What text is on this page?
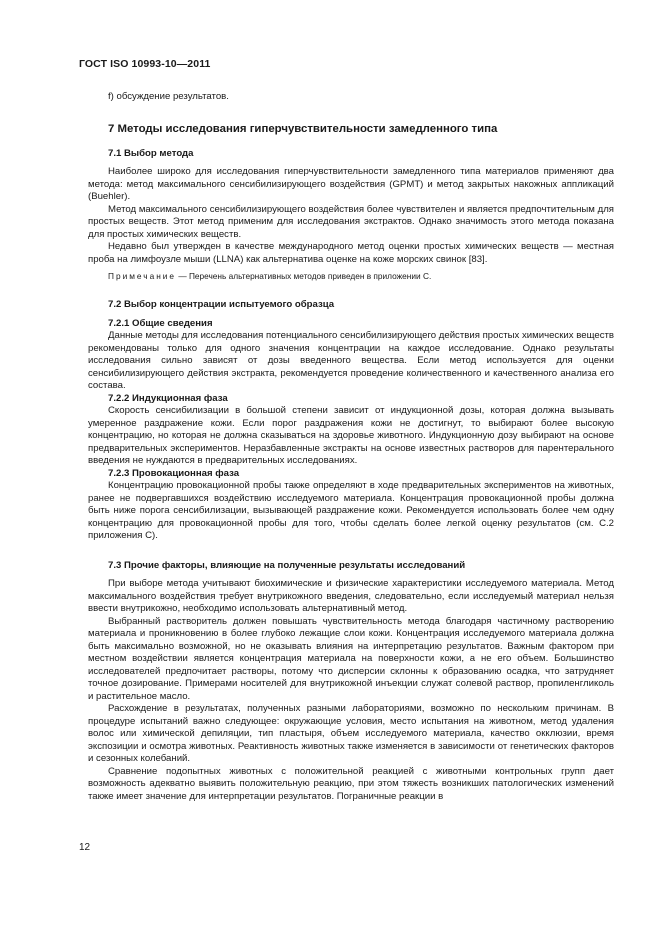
ГОСТ ISO 10993-10—2011

f) обсуждение результатов.

7 Методы исследования гиперчувствительности замедленного типа
7.1 Выбор метода

Наиболее широко для исследования гиперчувствительности замедленного типа материалов применяют два метода: метод максимального сенсибилизирующего воздействия (GPMT) и метод закрытых накожных аппликаций (Buehler).

Метод максимального сенсибилизирующего воздействия более чувствителен и является предпочтительным для простых веществ. Этот метод применим для исследования экстрактов. Однако значимость этого метода показана для простых химических веществ.

Недавно был утвержден в качестве международного метод оценки простых химических веществ — местная проба на лимфоузле мыши (LLNA) как альтернатива оценке на коже морских свинок [83].

Примечание — Перечень альтернативных методов приведен в приложении С.
7.2 Выбор концентрации испытуемого образца
7.2.1 Общие сведения

Данные методы для исследования потенциального сенсибилизирующего действия простых химических веществ рекомендованы только для одного значения концентрации на каждое исследование. Однако результаты исследования сильно зависят от дозы введенного вещества. Если метод используется для оценки сенсибилизирующего действия экстракта, рекомендуется проведение количественного и качественного анализа его состава.

7.2.2 Индукционная фаза

Скорость сенсибилизации в большой степени зависит от индукционной дозы, которая должна вызывать умеренное раздражение кожи. Если порог раздражения кожи не достигнут, то выбирают более высокую концентрацию, но которая не должна сказываться на здоровье животного. Индукционную дозу выбирают на основе предварительных экспериментов. Неразбавленные экстракты на основе известных растворов для парентерального введения не нуждаются в предварительных исследованиях.

7.2.3 Провокационная фаза

Концентрацию провокационной пробы также определяют в ходе предварительных экспериментов на животных, ранее не подвергавшихся воздействию исследуемого материала. Концентрация провокационной пробы должна быть ниже порога сенсибилизации, вызывающей раздражение кожи. Рекомендуется использовать более чем одну концентрацию для провокационной пробы для того, чтобы сделать более легкой оценку результатов (см. С.2 приложения С).

7.3 Прочие факторы, влияющие на полученные результаты исследований

При выборе метода учитывают биохимические и физические характеристики исследуемого материала. Метод максимального воздействия требует внутрикожного введения, следовательно, если исследуемый материал нельзя ввести внутрикожно, необходимо использовать альтернативный метод.

Выбранный растворитель должен повышать чувствительность метода благодаря частичному растворению материала и проникновению в более глубоко лежащие слои кожи. Концентрация исследуемого материала должна быть максимально возможной, но не оказывать влияния на интерпретацию результатов. Важным фактором при местном воздействии является концентрация материала на поверхности кожи, а не его объем. Большинство исследователей предпочитает растворы, потому что дисперсии склонны к образованию осадка, что затрудняет точное дозирование. Примерами носителей для внутрикожной инъекции служат солевой раствор, пропиленгликоль и растительное масло.

Расхождение в результатах, полученных разными лабораториями, возможно по нескольким причинам. В процедуре испытаний важно следующее: окружающие условия, место испытания на животном, метод удаления волос или химической депиляции, тип пластыря, объем исследуемого материала, качество окклюзии, время экспозиции и осмотра животных. Реактивность животных также изменяется в зависимости от генетических факторов и сезонных колебаний.

Сравнение подопытных животных с положительной реакцией с животными контрольных групп дает возможность адекватно выявить положительную реакцию, при этом тяжесть возникших патологических изменений также имеет значение для интерпретации результатов. Пограничные реакции в

12
